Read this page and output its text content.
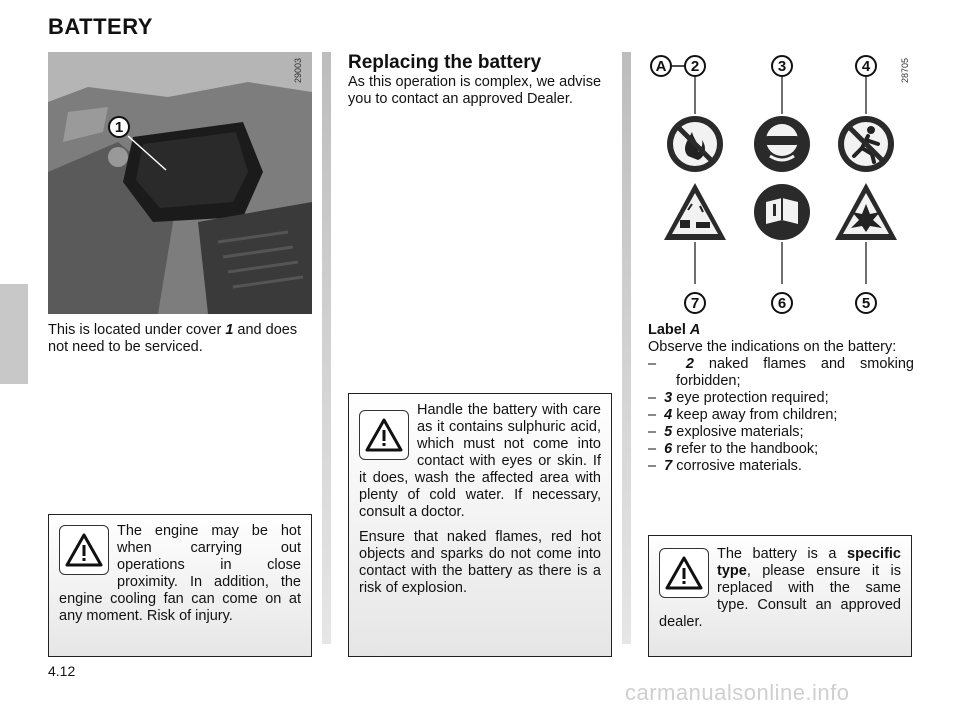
BATTERY
1
29003
This is located under cover 1 and does not need to be serviced.
The engine may be hot when carrying out operations in close proximity. In addition, the engine cooling fan can come on at any moment. Risk of injury.
Replacing the battery
As this operation is complex, we advise you to contact an approved Dealer.
Handle the battery with care as it contains sulphuric acid, which must not come into contact with eyes or skin. If it does, wash the affected area with plenty of cold water. If necessary, consult a doctor.
Ensure that naked flames, red hot objects and sparks do not come into contact with the battery as there is a risk of explosion.
A	2	3	4
7	6	5
28705
Label A
Observe the indications on the battery:
– 2 naked flames and smoking forbidden;
– 3 eye protection required;
– 4 keep away from children;
– 5 explosive materials;
– 6 refer to the handbook;
– 7 corrosive materials.
The battery is a specific type, please ensure it is replaced with the same type. Consult an approved dealer.
4.12
carmanualsonline.info
